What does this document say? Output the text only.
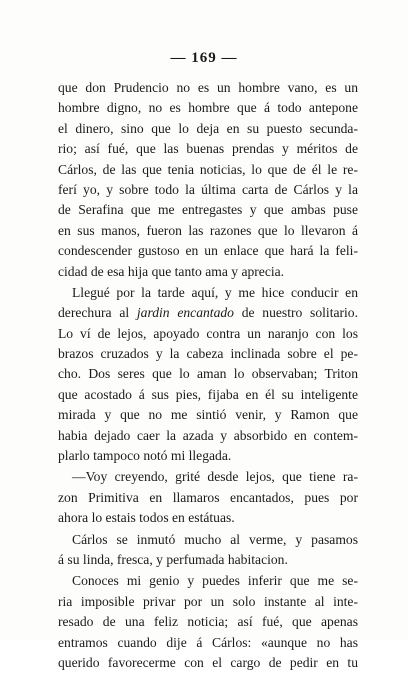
— 169 —
que don Prudencio no es un hombre vano, es un
hombre digno, no es hombre que á todo antepone
el dinero, sino que lo deja en su puesto secunda-
rio; así fué, que las buenas prendas y méritos de
Cárlos, de las que tenia noticias, lo que de él le re-
ferí yo, y sobre todo la última carta de Cárlos y la
de Serafina que me entregastes y que ambas puse
en sus manos, fueron las razones que lo llevaron á
condescender gustoso en un enlace que hará la feli-
cidad de esa hija que tanto ama y aprecia.
Llegué por la tarde aquí, y me hice conducir en
derechura al jardin encantado de nuestro solitario.
Lo ví de lejos, apoyado contra un naranjo con los
brazos cruzados y la cabeza inclinada sobre el pe-
cho. Dos seres que lo aman lo observaban; Triton
que acostado á sus pies, fijaba en él su inteligente
mirada y que no me sintió venir, y Ramon que
habia dejado caer la azada y absorbido en contem-
plarlo tampoco notó mi llegada.
—Voy creyendo, grité desde lejos, que tiene ra-
zon Primitiva en llamaros encantados, pues por
ahora lo estais todos en estátuas.
Cárlos se inmutó mucho al verme, y pasamos
á su linda, fresca, y perfumada habitacion.
Conoces mi genio y puedes inferir que me se-
ria imposible privar por un solo instante al inte-
resado de una feliz noticia; así fué, que apenas
entramos cuando dije á Cárlos: «aunque no has
querido favorecerme con el cargo de pedir en tu
